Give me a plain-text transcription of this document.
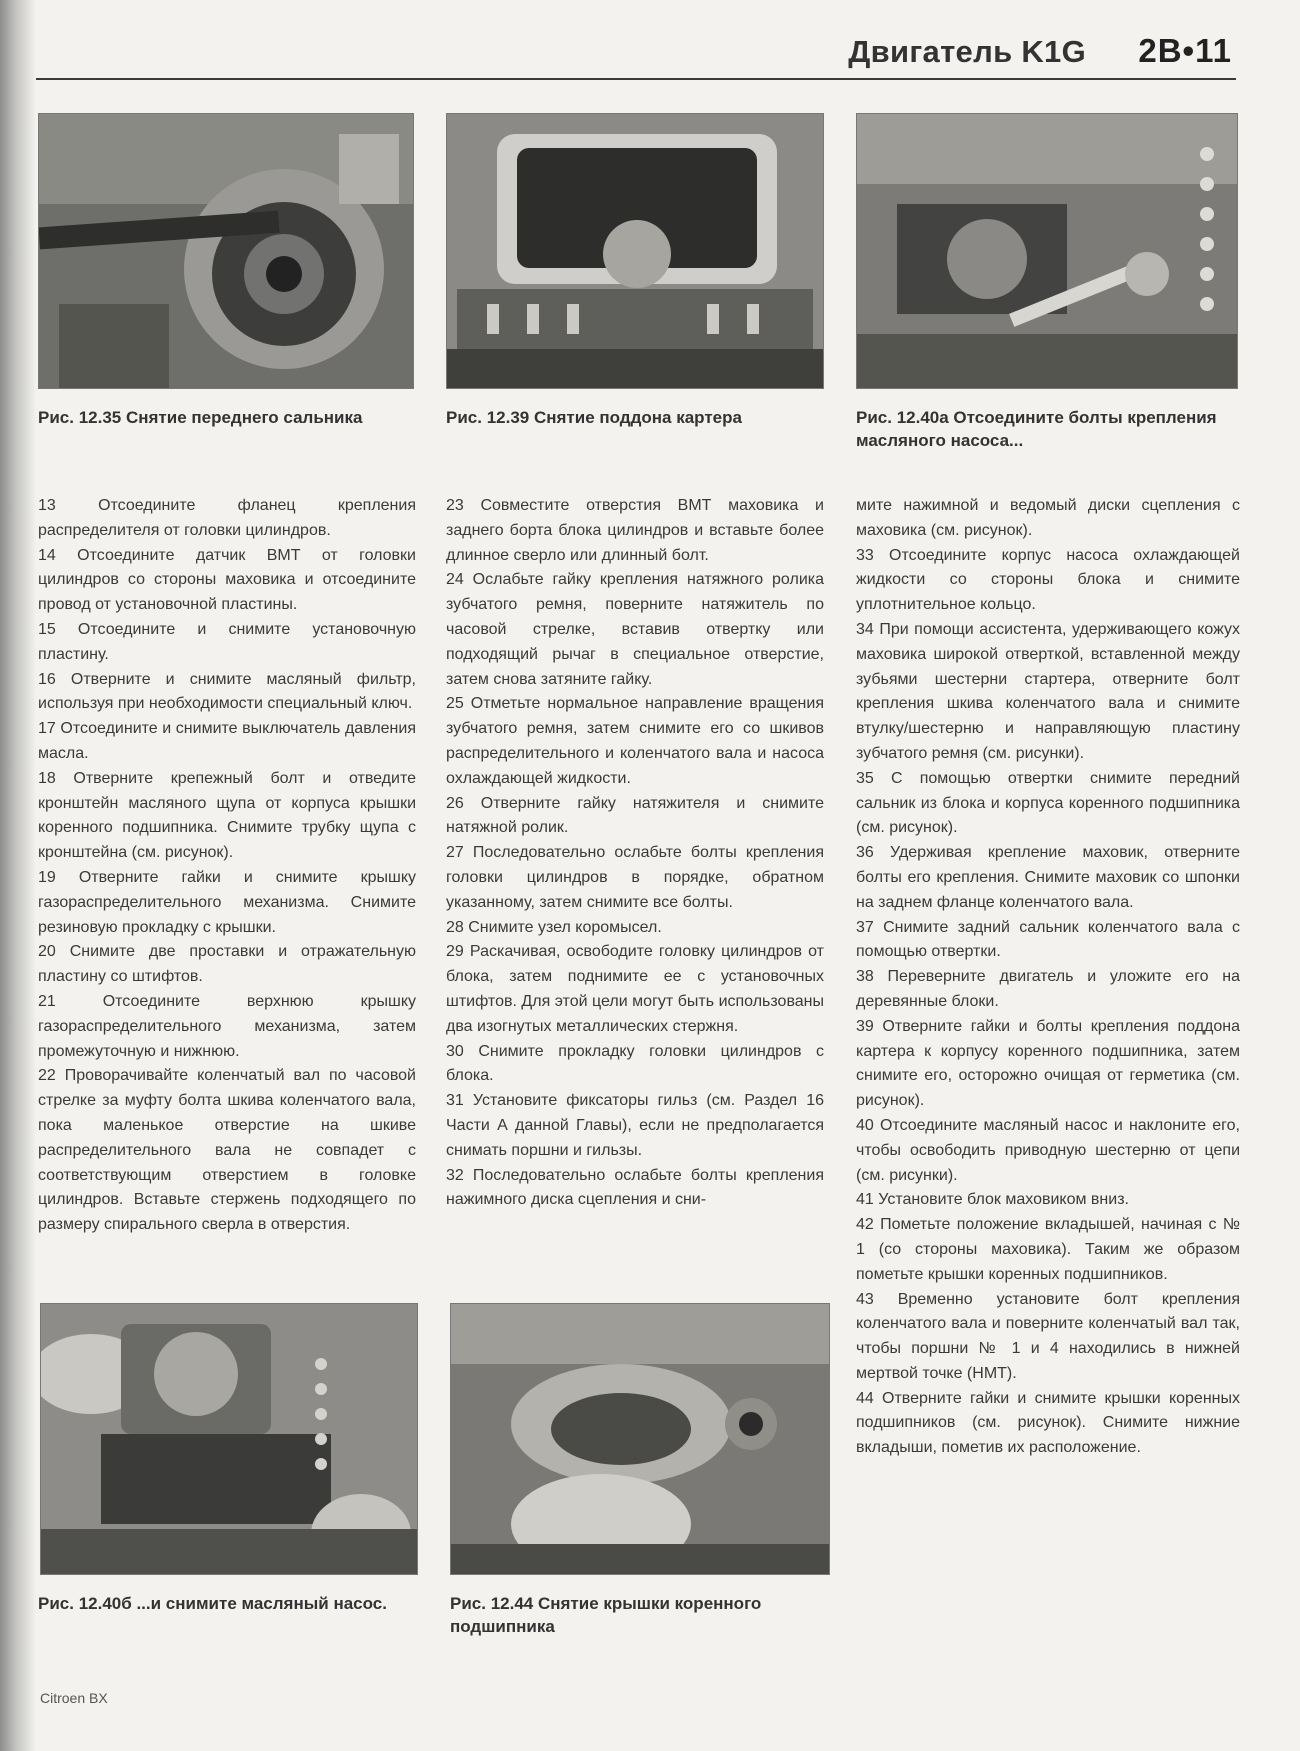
Двигатель K1G 2B•11
Рис. 12.35 Снятие переднего сальника	Рис. 12.39 Снятие поддона картера	Рис. 12.40а Отсоедините болты крепления масляного насоса...

13 Отсоедините фланец крепления распределителя от головки цилиндров.

14 Отсоедините датчик ВМТ от головки цилиндров со стороны маховика и отсоедините провод от установочной пластины.

15 Отсоедините и снимите установочную пластину.

16 Отверните и снимите масляный фильтр, используя при необходимости специальный ключ.

17 Отсоедините и снимите выключатель давления масла.

18 Отверните крепежный болт и отведите кронштейн масляного щупа от корпуса крышки коренного подшипника. Снимите трубку щупа с кронштейна (см. рисунок).

19 Отверните гайки и снимите крышку газораспределительного механизма. Снимите резиновую прокладку с крышки.

20 Снимите две проставки и отражательную пластину со штифтов.

21 Отсоедините верхнюю крышку газораспределительного механизма, затем промежуточную и нижнюю.

22 Проворачивайте коленчатый вал по часовой стрелке за муфту болта шкива коленчатого вала, пока маленькое отверстие на шкиве распределительного вала не совпадет с соответствующим отверстием в головке цилиндров. Вставьте стержень подходящего по размеру спирального сверла в отверстия.

23 Совместите отверстия ВМТ маховика и заднего борта блока цилиндров и вставьте более длинное сверло или длинный болт.

24 Ослабьте гайку крепления натяжного ролика зубчатого ремня, поверните натяжитель по часовой стрелке, вставив отвертку или подходящий рычаг в специальное отверстие, затем снова затяните гайку.

25 Отметьте нормальное направление вращения зубчатого ремня, затем снимите его со шкивов распределительного и коленчатого вала и насоса охлаждающей жидкости.

26 Отверните гайку натяжителя и снимите натяжной ролик.

27 Последовательно ослабьте болты крепления головки цилиндров в порядке, обратном указанному, затем снимите все болты.

28 Снимите узел коромысел.

29 Раскачивая, освободите головку цилиндров от блока, затем поднимите ее с установочных штифтов. Для этой цели могут быть использованы два изогнутых металлических стержня.

30 Снимите прокладку головки цилиндров с блока.

31 Установите фиксаторы гильз (см. Раздел 16 Части А данной Главы), если не предполагается снимать поршни и гильзы.

32 Последовательно ослабьте болты крепления нажимного диска сцепления и сни-

мите нажимной и ведомый диски сцепления с маховика (см. рисунок).

33 Отсоедините корпус насоса охлаждающей жидкости со стороны блока и снимите уплотнительное кольцо.

34 При помощи ассистента, удерживающего кожух маховика широкой отверткой, вставленной между зубьями шестерни стартера, отверните болт крепления шкива коленчатого вала и снимите втулку/шестерню и направляющую пластину зубчатого ремня (см. рисунки).

35 С помощью отвертки снимите передний сальник из блока и корпуса коренного подшипника (см. рисунок).

36 Удерживая крепление маховик, отверните болты его крепления. Снимите маховик со шпонки на заднем фланце коленчатого вала.

37 Снимите задний сальник коленчатого вала с помощью отвертки.

38 Переверните двигатель и уложите его на деревянные блоки.

39 Отверните гайки и болты крепления поддона картера к корпусу коренного подшипника, затем снимите его, осторожно очищая от герметика (см. рисунок).

40 Отсоедините масляный насос и наклоните его, чтобы освободить приводную шестерню от цепи (см. рисунки).

41 Установите блок маховиком вниз.

42 Пометьте положение вкладышей, начиная с № 1 (со стороны маховика). Таким же образом пометьте крышки коренных подшипников.

43 Временно установите болт крепления коленчатого вала и поверните коленчатый вал так, чтобы поршни № 1 и 4 находились в нижней мертвой точке (НМТ).

44 Отверните гайки и снимите крышки коренных подшипников (см. рисунок). Снимите нижние вкладыши, пометив их расположение.

Рис. 12.40б ...и снимите масляный насос.	Рис. 12.44 Снятие крышки коренного подшипника
Citroen BX
